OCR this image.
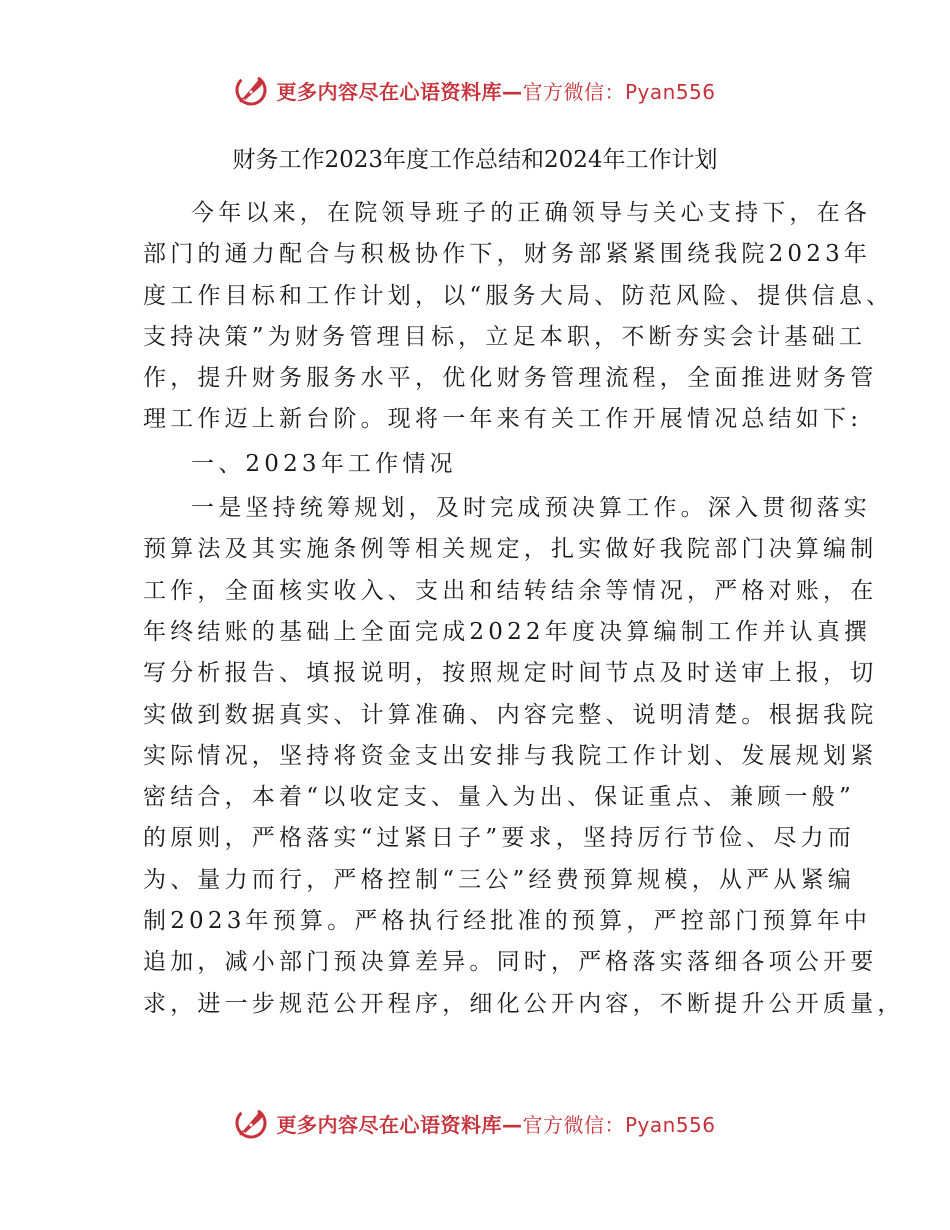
更多内容尽在心语资料库—官方微信：Pyan556
财务工作2023年度工作总结和2024年工作计划
今年以来，在院领导班子的正确领导与关心支持下，在各
部门的通力配合与积极协作下，财务部紧紧围绕我院2023年
度工作目标和工作计划，以“服务大局、防范风险、提供信息、
支持决策”为财务管理目标，立足本职，不断夯实会计基础工
作，提升财务服务水平，优化财务管理流程，全面推进财务管
理工作迈上新台阶。现将一年来有关工作开展情况总结如下:
一、2023年工作情况
一是坚持统筹规划，及时完成预决算工作。深入贯彻落实
预算法及其实施条例等相关规定，扎实做好我院部门决算编制
工作，全面核实收入、支出和结转结余等情况，严格对账，在
年终结账的基础上全面完成2022年度决算编制工作并认真撰
写分析报告、填报说明，按照规定时间节点及时送审上报，切
实做到数据真实、计算准确、内容完整、说明清楚。根据我院
实际情况，坚持将资金支出安排与我院工作计划、发展规划紧
密结合，本着“以收定支、量入为出、保证重点、兼顾一般”
的原则，严格落实“过紧日子”要求，坚持厉行节俭、尽力而
为、量力而行，严格控制“三公”经费预算规模，从严从紧编
制2023年预算。严格执行经批准的预算，严控部门预算年中
追加，减小部门预决算差异。同时，严格落实落细各项公开要
求，进一步规范公开程序，细化公开内容，不断提升公开质量，
更多内容尽在心语资料库—官方微信：Pyan556
